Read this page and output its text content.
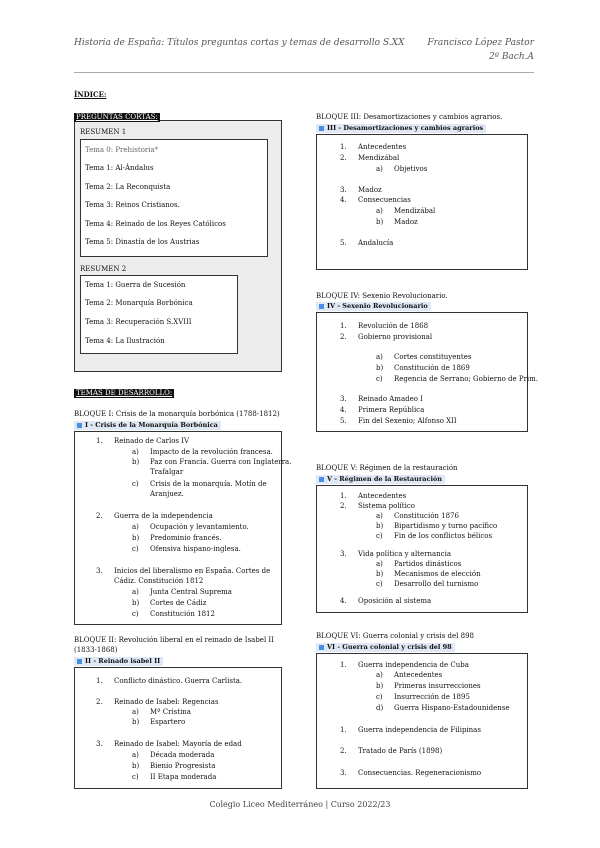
Historia de España: Títulos preguntas cortas y temas de desarrollo S.XX	Francisco López Pastor
2º Bach.A
ÍNDICE:
PREGUNTAS CORTAS:
RESUMEN 1
Tema 0: Prehistoria*
Tema 1: Al-Ándalus
Tema 2: La Reconquista
Tema 3: Reinos Cristianos.
Tema 4: Reinado de los Reyes Católicos
Tema 5: Dinastía de los Austrias
RESUMEN 2
Tema 1: Guerra de Sucesión
Tema 2: Monarquía Borbónica
Tema 3: Recuperación S.XVIII
Tema 4: La Ilustración
TEMAS DE DESARROLLO:
BLOQUE I: Crisis de la monarquía borbónica (1788-1812)
I - Crisis de la Monarquía Borbónica
1. Reinado de Carlos IV
a) Impacto de la revolución francesa.
b) Paz con Francia. Guerra con Inglaterra.
Trafalgar
c) Crisis de la monarquía. Motín de
Aranjuez.
2. Guerra de la independencia
a) Ocupación y levantamiento.
b) Predominio francés.
c) Ofensiva hispano-inglesa.
3. Inicios del liberalismo en España. Cortes de
Cádiz. Constitución 1812
a) Junta Central Suprema
b) Cortes de Cádiz
c) Constitución 1812
BLOQUE II: Revolución liberal en el reinado de Isabel II
(1833-1868)
II - Reinado isabel II
1. Conflicto dinástico. Guerra Carlista.
2. Reinado de Isabel: Regencias
a) Mª Cristina
b) Espartero
3. Reinado de Isabel: Mayoría de edad
a) Década moderada
b) Bienio Progresista
c) II Etapa moderada
BLOQUE III: Desamortizaciones y cambios agrarios.
III - Desamortizaciones y cambios agrarios
1. Antecedentes
2. Mendizábal
a) Objetivos
3. Madoz
4. Consecuencias
a) Mendizábal
b) Madoz
5. Andalucía
BLOQUE IV: Sexenio Revolucionario.
IV - Sexenio Revolucionario
1. Revolución de 1868
2. Gobierno provisional
a) Cortes constituyentes
b) Constitución de 1869
c) Regencia de Serrano; Gobierno de Prim.
3. Reinado Amadeo I
4. Primera República
5. Fin del Sexenio; Alfonso XII
BLOQUE V: Régimen de la restauración
V - Régimen de la Restauración
1. Antecedentes
2. Sistema político
a) Constitución 1876
b) Bipartidismo y turno pacífico
c) Fin de los conflictos bélicos
3. Vida política y alternancia
a) Partidos dinásticos
b) Mecanismos de elección
c) Desarrollo del turnismo
4. Oposición al sistema
BLOQUE VI: Guerra colonial y crisis del 898
VI - Guerra colonial y crisis del 98
1. Guerra independencia de Cuba
a) Antecedentes
b) Primeras insurrecciones
c) Insurrección de 1895
d) Guerra Hispano-Estadounidense
1. Guerra independencia de Filipinas
2. Tratado de París (1898)
3. Consecuencias. Regeneracionismo
Colegio Liceo Mediterráneo | Curso 2022/23
